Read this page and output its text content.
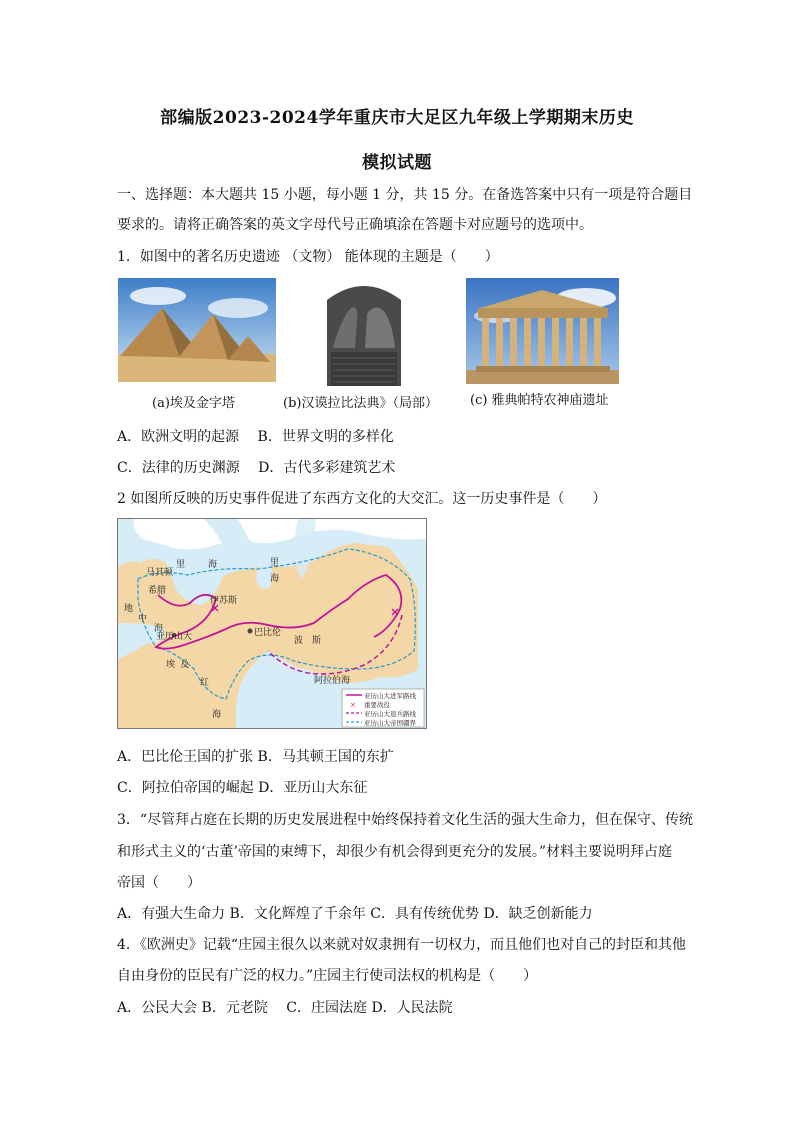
部编版2023-2024学年重庆市大足区九年级上学期期末历史
模拟试题
一、选择题：本大题共 15 小题，每小题 1 分，共 15 分。在备选答案中只有一项是符合题目
要求的。请将正确答案的英文字母代号正确填涂在答题卡对应题号的选项中。
1．如图中的著名历史遗迹 （文物） 能体现的主题是（　　）
(a)埃及金字塔	(b)汉谟拉比法典》（局部） (c) 雅典帕特农神庙遗址
A．欧洲文明的起源　 B．世界文明的多样化
C．法律的历史渊源　 D．古代多彩建筑艺术
2 如图所反映的历史事件促进了东西方文化的大交汇。这一历史事件是（　　）
里	海	里
海
马其顿
希腊
伊苏斯
地
中
海
亚历山大	巴比伦
波　斯
埃 及
红
海
阿拉伯海
亚历山大进军路线
× 重要战役
亚历山大退兵路线
亚历山大帝国疆界
A．巴比伦王国的扩张 B．马其顿王国的东扩
C．阿拉伯帝国的崛起 D．亚历山大东征
3．“尽管拜占庭在长期的历史发展进程中始终保持着文化生活的强大生命力，但在保守、传统
和形式主义的‘古董’帝国的束缚下，却很少有机会得到更充分的发展。”材料主要说明拜占庭
帝国（　　）
A．有强大生命力 B．文化辉煌了千余年 C．具有传统优势 D．缺乏创新能力
4．《欧洲史》记载“庄园主很久以来就对奴隶拥有一切权力，而且他们也对自己的封臣和其他
自由身份的臣民有广泛的权力。”庄园主行使司法权的机构是（　　）
A．公民大会 B．元老院　 C．庄园法庭 D．人民法院
